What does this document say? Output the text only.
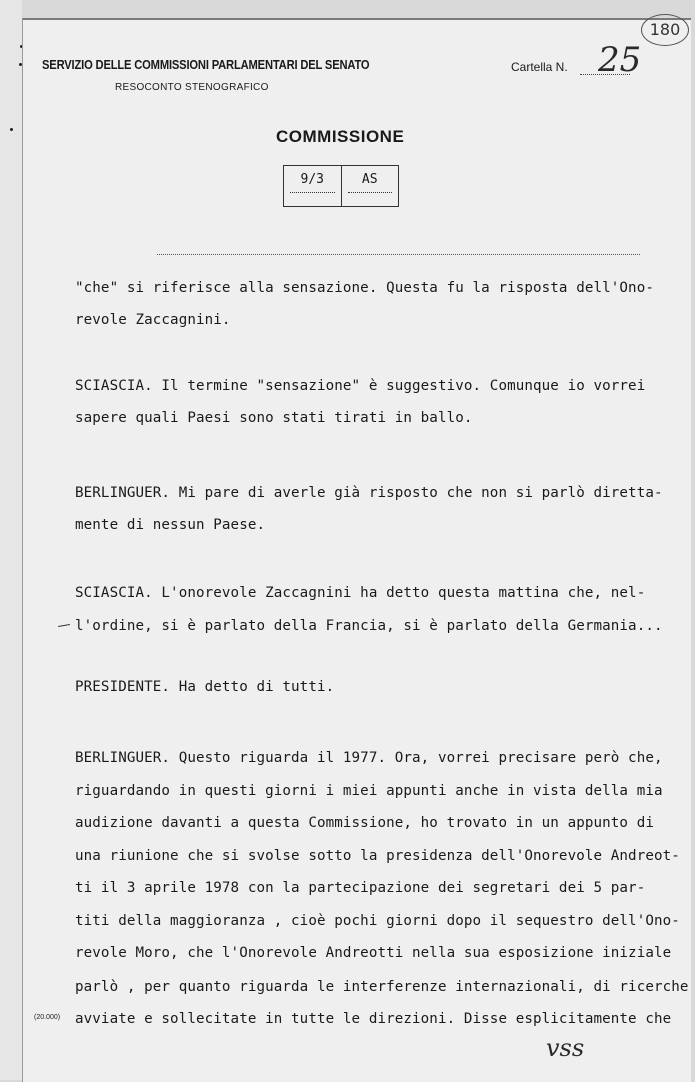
180
SERVIZIO DELLE COMMISSIONI PARLAMENTARI DEL SENATO
RESOCONTO STENOGRAFICO
Cartella N. 25
COMMISSIONE
9/3	AS
"che" si riferisce alla sensazione. Questa fu la risposta dell'Ono-
revole Zaccagnini.
SCIASCIA. Il termine "sensazione" è suggestivo. Comunque io vorrei
sapere quali Paesi sono stati tirati in ballo.
BERLINGUER. Mi pare di averle già risposto che non si parlò diretta-
mente di nessun Paese.
SCIASCIA. L'onorevole Zaccagnini ha detto questa mattina che, nel-
l'ordine, si è parlato della Francia, si è parlato della Germania...
PRESIDENTE. Ha detto di tutti.
BERLINGUER. Questo riguarda il 1977. Ora, vorrei precisare però che,
riguardando in questi giorni i miei appunti anche in vista della mia
audizione davanti a questa Commissione, ho trovato in un appunto di
una riunione che si svolse sotto la presidenza dell'Onorevole Andreot-
ti il 3 aprile 1978 con la partecipazione dei segretari dei 5 par-
titi della maggioranza , cioè pochi giorni dopo il sequestro dell'Ono-
revole Moro, che l'Onorevole Andreotti nella sua esposizione iniziale
parlò , per quanto riguarda le interferenze internazionali, di ricerche
avviate e sollecitate in tutte le direzioni. Disse esplicitamente che
(20.000)
vss
